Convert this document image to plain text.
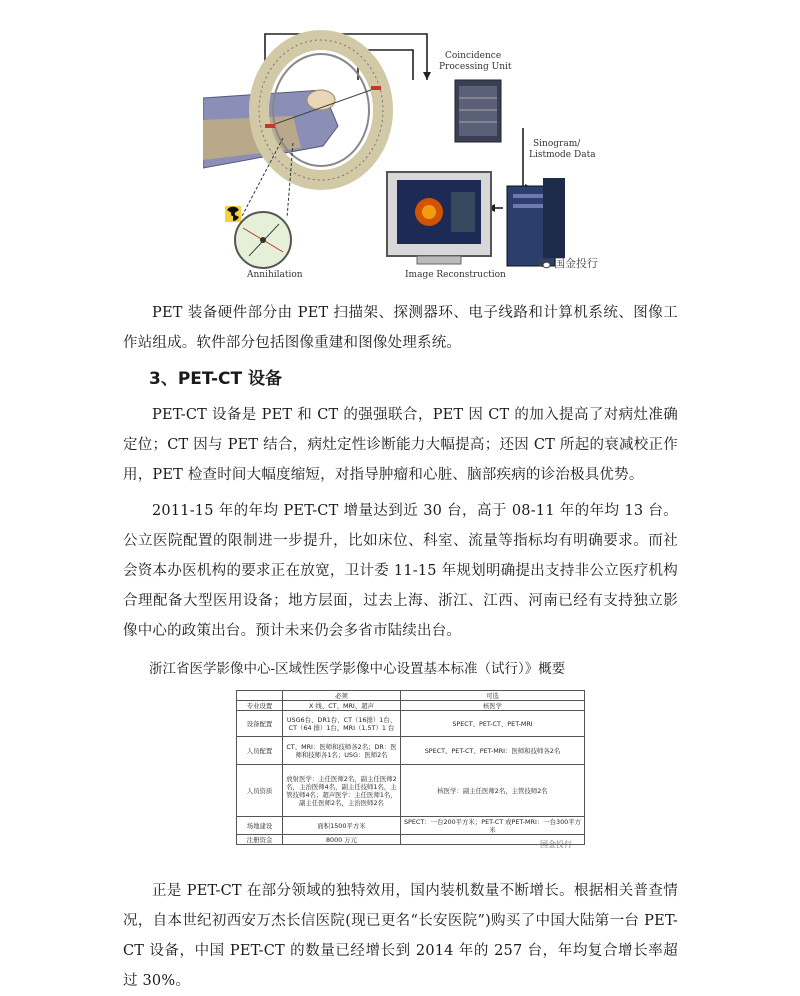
Annihilation
Coincidence Processing Unit
Sinogram/ Listmode Data
Image Reconstruction
国金投行

PET 装备硬件部分由 PET 扫描架、探测器环、电子线路和计算机系统、图像工作站组成。软件部分包括图像重建和图像处理系统。

3、PET-CT 设备

PET-CT 设备是 PET 和 CT 的强强联合，PET 因 CT 的加入提高了对病灶准确定位；CT 因与 PET 结合，病灶定性诊断能力大幅提高；还因 CT 所起的衰减校正作用，PET 检查时间大幅度缩短，对指导肿瘤和心脏、脑部疾病的诊治极具优势。

2011-15 年的年均 PET-CT 增量达到近 30 台，高于 08-11 年的年均 13 台。公立医院配置的限制进一步提升，比如床位、科室、流量等指标均有明确要求。而社会资本办医机构的要求正在放宽，卫计委 11-15 年规划明确提出支持非公立医疗机构合理配备大型医用设备；地方层面，过去上海、浙江、江西、河南已经有支持独立影像中心的政策出台。预计未来仍会多省市陆续出台。

浙江省医学影像中心-区域性医学影像中心设置基本标准（试行）》概要

	必须	可选
专业设置	X 线、CT、MRI、超声	核医学
设备配置	USG6台、DR1台、CT（16排）1台、CT（64 排）1台、MRI（1.5T）1 台	SPECT、PET-CT、PET-MRI
人员配置	CT、MRI：医师和技师各2名；DR：医师和技师各1名；USG：医师2名	SPECT、PET-CT、PET-MRI：医师和技师各2名
人员资质	放射医学：主任医师2名，副主任医师2名，主治医师4名，副主任技师1名，主管技师4名；超声医学：主任医师1名，副主任医师2名，主治医师2名	核医学：副主任医师2名，主管技师2名
场地建设	面积1500平方米	SPECT：一台200平方米；PET-CT 或PET-MRI：一台300平方米
注册资金	8000 万元	
国金投行

正是 PET-CT 在部分领域的独特效用，国内装机数量不断增长。根据相关普查情况，自本世纪初西安万杰长信医院(现已更名“长安医院”)购买了中国大陆第一台 PET-CT 设备，中国 PET-CT 的数量已经增长到 2014 年的 257 台，年均复合增长率超过 30%。
